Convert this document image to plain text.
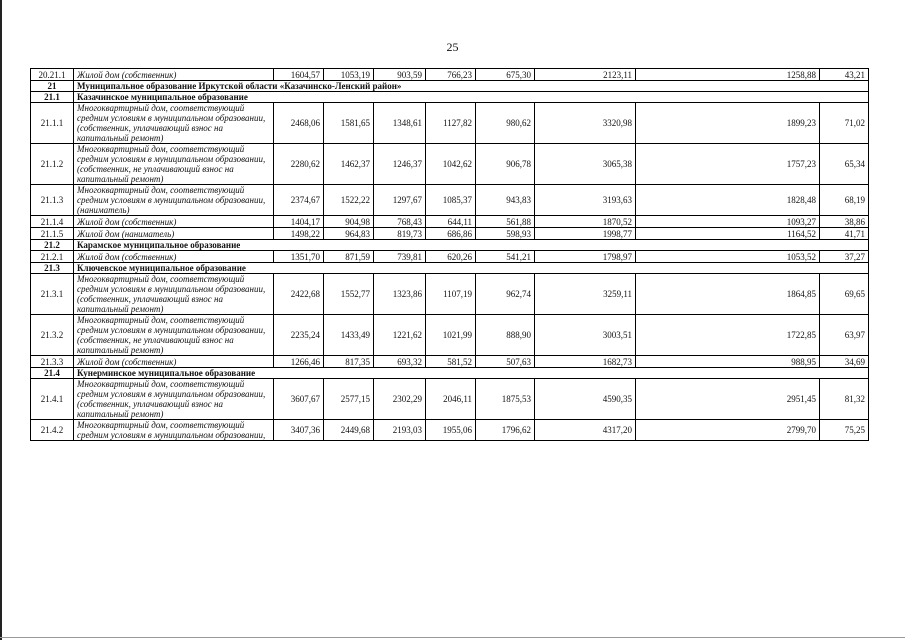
25
20.21.1	Жилой дом (собственник)	1604,57	1053,19	903,59	766,23	675,30	2123,11	1258,88	43,21
21	Муниципальное образование Иркутской области «Казачинско-Ленский район»								
21.1	Казачинское муниципальное образование								
21.1.1	Многоквартирный дом, соответствующий средним условиям в муниципальном образовании, (собственник, уплачивающий взнос на капитальный ремонт)	2468,06	1581,65	1348,61	1127,82	980,62	3320,98	1899,23	71,02
21.1.2	Многоквартирный дом, соответствующий средним условиям в муниципальном образовании, (собственник, не уплачивающий взнос на капитальный ремонт)	2280,62	1462,37	1246,37	1042,62	906,78	3065,38	1757,23	65,34
21.1.3	Многоквартирный дом, соответствующий средним условиям в муниципальном образовании, (наниматель)	2374,67	1522,22	1297,67	1085,37	943,83	3193,63	1828,48	68,19
21.1.4	Жилой дом (собственник)	1404,17	904,98	768,43	644,11	561,88	1870,52	1093,27	38,86
21.1.5	Жилой дом (наниматель)	1498,22	964,83	819,73	686,86	598,93	1998,77	1164,52	41,71
21.2	Карамское муниципальное образование								
21.2.1	Жилой дом (собственник)	1351,70	871,59	739,81	620,26	541,21	1798,97	1053,52	37,27
21.3	Ключевское муниципальное образование								
21.3.1	Многоквартирный дом, соответствующий средним условиям в муниципальном образовании, (собственник, уплачивающий взнос на капитальный ремонт)	2422,68	1552,77	1323,86	1107,19	962,74	3259,11	1864,85	69,65
21.3.2	Многоквартирный дом, соответствующий средним условиям в муниципальном образовании, (собственник, не уплачивающий взнос на капитальный ремонт)	2235,24	1433,49	1221,62	1021,99	888,90	3003,51	1722,85	63,97
21.3.3	Жилой дом (собственник)	1266,46	817,35	693,32	581,52	507,63	1682,73	988,95	34,69
21.4	Кунерминское муниципальное образование								
21.4.1	Многоквартирный дом, соответствующий средним условиям в муниципальном образовании, (собственник, уплачивающий взнос на капитальный ремонт)	3607,67	2577,15	2302,29	2046,11	1875,53	4590,35	2951,45	81,32
21.4.2	Многоквартирный дом, соответствующий средним условиям в муниципальном образовании,	3407,36	2449,68	2193,03	1955,06	1796,62	4317,20	2799,70	75,25
